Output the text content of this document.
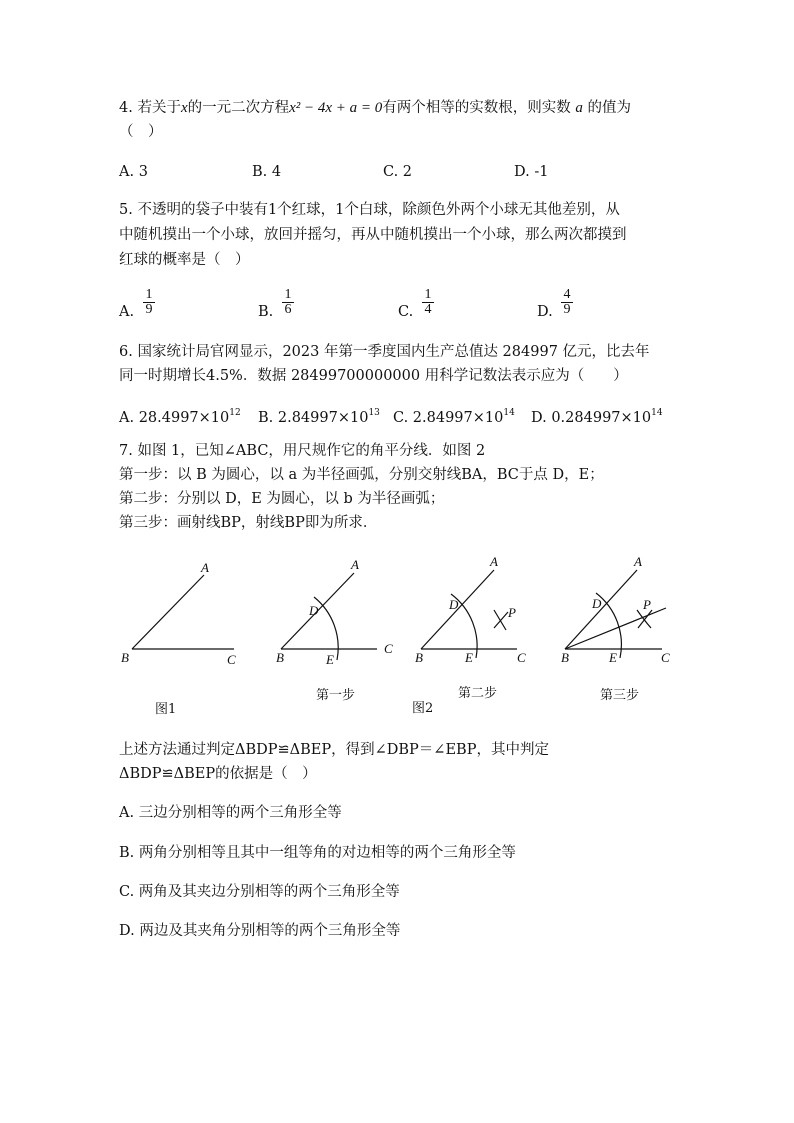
4. 若关于x的一元二次方程x² − 4x + a = 0有两个相等的实数根，则实数 a 的值为
（　）
A. 3	B. 4	C. 2	D. -1
5. 不透明的袋子中装有1个红球，1个白球，除颜色外两个小球无其他差别，从
中随机摸出一个小球，放回并摇匀，再从中随机摸出一个小球，那么两次都摸到
红球的概率是（　）
A. $\frac{1}{9}$	B. $\frac{1}{6}$	C. $\frac{1}{4}$	D. $\frac{4}{9}$
6. 国家统计局官网显示，2023 年第一季度国内生产总值达 284997 亿元，比去年
同一时期增长4.5%．数据 28499700000000 用科学记数法表示应为（　　）
A. $28.4997\times 10^{12}$ B. $2.84997\times 10^{13}$ C. $2.84997\times 10^{14}$ D. $0.284997\times 10^{14}$
7. 如图 1，已知∠ABC，用尺规作它的角平分线．如图 2
第一步：以 B 为圆心，以 a 为半径画弧，分别交射线BA，BC于点 D，E；
第二步：分别以 D，E 为圆心，以 b 为半径画弧；
第三步：画射线BP，射线BP即为所求．
A
B	C
A
D
B	E
C
A
D
P
B	E	C
A
D	P
B	E	C
第一步	第二步	第三步
图1	图2
上述方法通过判定ΔBDP≌ΔBEP，得到∠DBP＝∠EBP，其中判定
ΔBDP≌ΔBEP的依据是（　）
A. 三边分别相等的两个三角形全等
B. 两角分别相等且其中一组等角的对边相等的两个三角形全等
C. 两角及其夹边分别相等的两个三角形全等
D. 两边及其夹角分别相等的两个三角形全等
